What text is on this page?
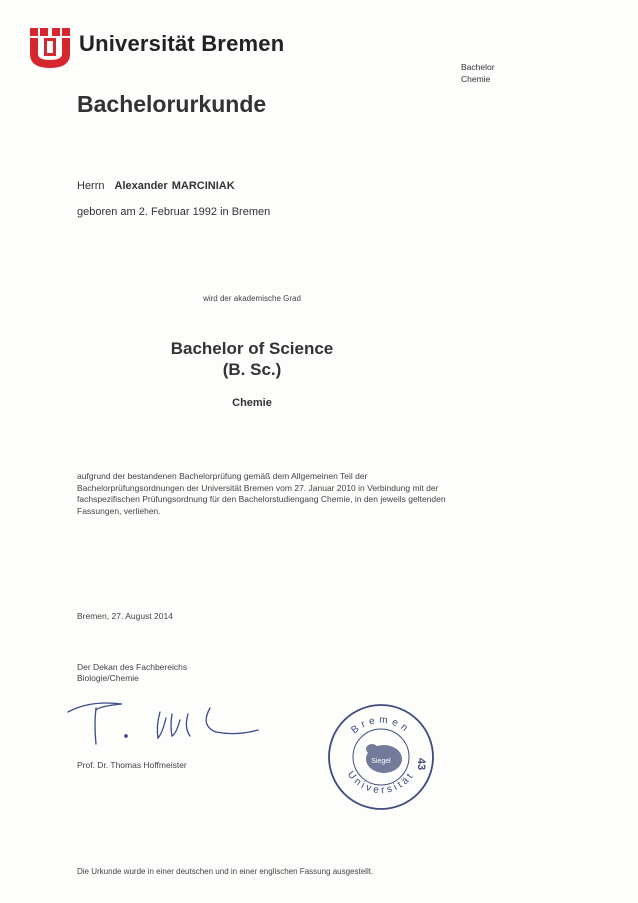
Universität Bremen
Bachelor
Chemie
Bachelorurkunde
Herrn Alexander MARCINIAK
geboren am 2. Februar 1992 in Bremen
wird der akademische Grad
Bachelor of Science
(B. Sc.)
Chemie
aufgrund der bestandenen Bachelorprüfung gemäß dem Allgemeinen Teil der Bachelorprüfungsordnungen der Universität Bremen vom 27. Januar 2010 in Verbindung mit der fachspezifischen Prüfungsordnung für den Bachelorstudiengang Chemie, in den jeweils geltenden Fassungen, verliehen.
Bremen, 27. August 2014
Der Dekan des Fachbereichs
Biologie/Chemie
Prof. Dr. Thomas Hoffmeister
Bremen
Universität
Siegel 43
Die Urkunde wurde in einer deutschen und in einer englischen Fassung ausgestellt.
